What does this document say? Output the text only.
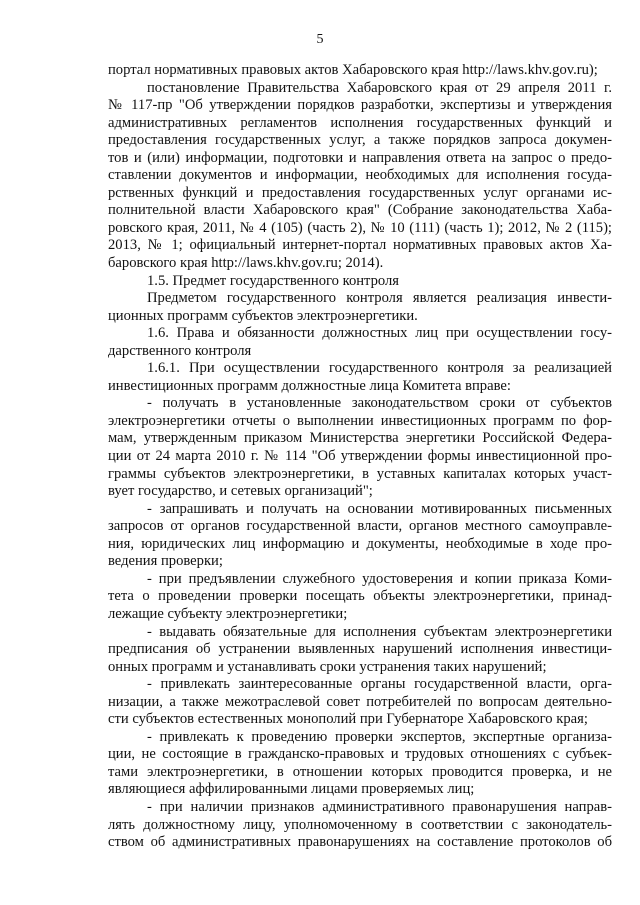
5
портал нормативных правовых актов Хабаровского края http://laws.khv.gov.ru);
постановление Правительства Хабаровского края от 29 апреля 2011 г.
№ 117-пр "Об утверждении порядков разработки, экспертизы и утверждения
административных регламентов исполнения государственных функций и
предоставления государственных услуг, а также порядков запроса докумен-
тов и (или) информации, подготовки и направления ответа на запрос о предо-
ставлении документов и информации, необходимых для исполнения госуда-
рственных функций и предоставления государственных услуг органами ис-
полнительной власти Хабаровского края" (Собрание законодательства Хаба-
ровского края, 2011, № 4 (105) (часть 2), № 10 (111) (часть 1); 2012, № 2 (115);
2013, № 1; официальный интернет-портал нормативных правовых актов Ха-
баровского края http://laws.khv.gov.ru; 2014).
1.5. Предмет государственного контроля
Предметом государственного контроля является реализация инвести-
ционных программ субъектов электроэнергетики.
1.6. Права и обязанности должностных лиц при осуществлении госу-
дарственного контроля
1.6.1. При осуществлении государственного контроля за реализацией
инвестиционных программ должностные лица Комитета вправе:
- получать в установленные законодательством сроки от субъектов
электроэнергетики отчеты о выполнении инвестиционных программ по фор-
мам, утвержденным приказом Министерства энергетики Российской Федера-
ции от 24 марта 2010 г. № 114 "Об утверждении формы инвестиционной про-
граммы субъектов электроэнергетики, в уставных капиталах которых участ-
вует государство, и сетевых организаций";
- запрашивать и получать на основании мотивированных письменных
запросов от органов государственной власти, органов местного самоуправле-
ния, юридических лиц информацию и документы, необходимые в ходе про-
ведения проверки;
- при предъявлении служебного удостоверения и копии приказа Коми-
тета о проведении проверки посещать объекты электроэнергетики, принад-
лежащие субъекту электроэнергетики;
- выдавать обязательные для исполнения субъектам электроэнергетики
предписания об устранении выявленных нарушений исполнения инвестици-
онных программ и устанавливать сроки устранения таких нарушений;
- привлекать заинтересованные органы государственной власти, орга-
низации, а также межотраслевой совет потребителей по вопросам деятельно-
сти субъектов естественных монополий при Губернаторе Хабаровского края;
- привлекать к проведению проверки экспертов, экспертные организа-
ции, не состоящие в гражданско-правовых и трудовых отношениях с субъек-
тами электроэнергетики, в отношении которых проводится проверка, и не
являющиеся аффилированными лицами проверяемых лиц;
- при наличии признаков административного правонарушения направ-
лять должностному лицу, уполномоченному в соответствии с законодатель-
ством об административных правонарушениях на составление протоколов об
